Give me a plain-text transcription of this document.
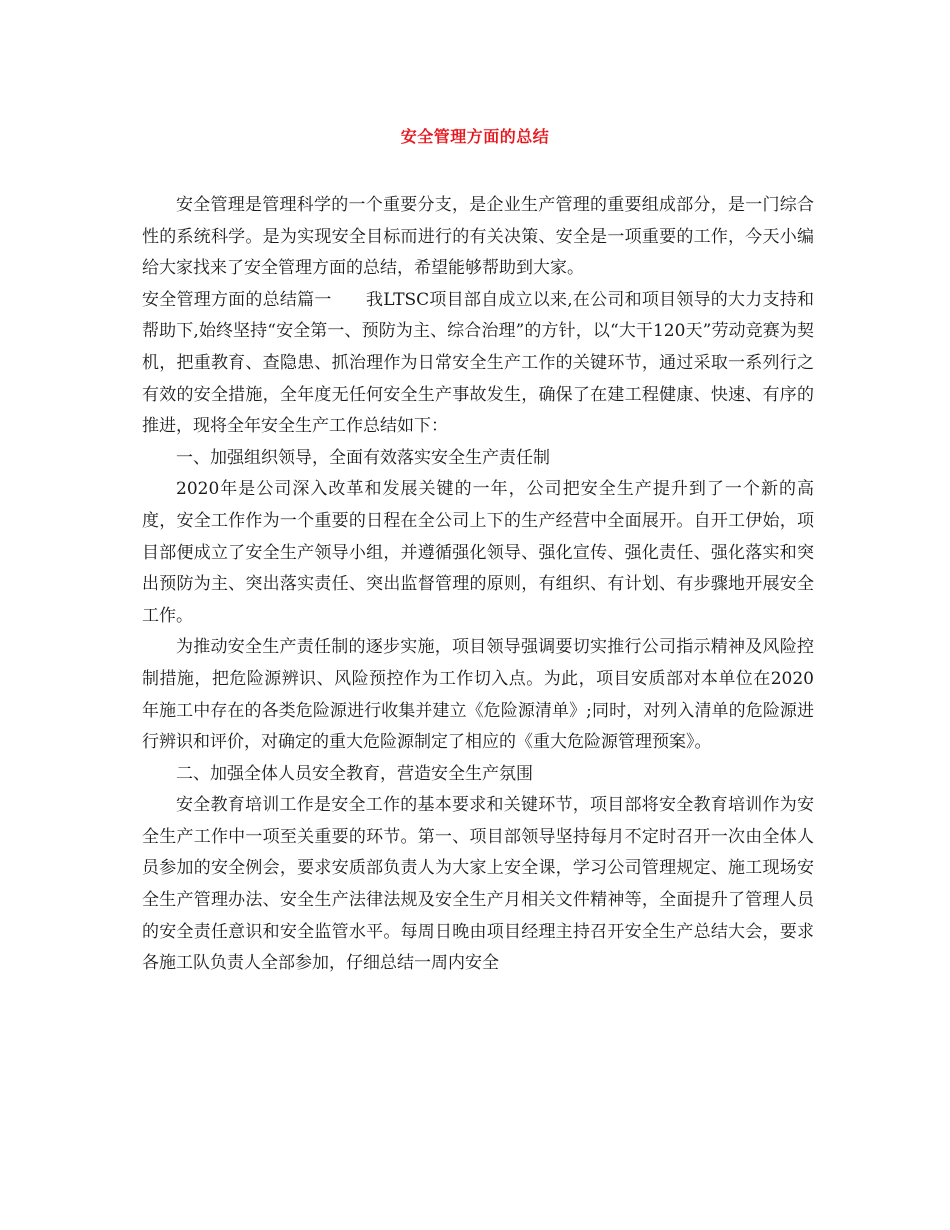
安全管理方面的总结

安全管理是管理科学的一个重要分支，是企业生产管理的重要组成部分，是一门综合性的系统科学。是为实现安全目标而进行的有关决策、安全是一项重要的工作，今天小编给大家找来了安全管理方面的总结，希望能够帮助到大家。

安全管理方面的总结篇一　　我LTSC项目部自成立以来,在公司和项目领导的大力支持和帮助下,始终坚持“安全第一、预防为主、综合治理”的方针，以“大干120天”劳动竞赛为契机，把重教育、查隐患、抓治理作为日常安全生产工作的关键环节，通过采取一系列行之有效的安全措施，全年度无任何安全生产事故发生，确保了在建工程健康、快速、有序的推进，现将全年安全生产工作总结如下：

一、加强组织领导，全面有效落实安全生产责任制

2020年是公司深入改革和发展关键的一年，公司把安全生产提升到了一个新的高度，安全工作作为一个重要的日程在全公司上下的生产经营中全面展开。自开工伊始，项目部便成立了安全生产领导小组，并遵循强化领导、强化宣传、强化责任、强化落实和突出预防为主、突出落实责任、突出监督管理的原则，有组织、有计划、有步骤地开展安全工作。

为推动安全生产责任制的逐步实施，项目领导强调要切实推行公司指示精神及风险控制措施，把危险源辨识、风险预控作为工作切入点。为此，项目安质部对本单位在2020年施工中存在的各类危险源进行收集并建立《危险源清单》;同时，对列入清单的危险源进行辨识和评价，对确定的重大危险源制定了相应的《重大危险源管理预案》。

二、加强全体人员安全教育，营造安全生产氛围

安全教育培训工作是安全工作的基本要求和关键环节，项目部将安全教育培训作为安全生产工作中一项至关重要的环节。第一、项目部领导坚持每月不定时召开一次由全体人员参加的安全例会，要求安质部负责人为大家上安全课，学习公司管理规定、施工现场安全生产管理办法、安全生产法律法规及安全生产月相关文件精神等，全面提升了管理人员的安全责任意识和安全监管水平。每周日晚由项目经理主持召开安全生产总结大会，要求各施工队负责人全部参加，仔细总结一周内安全
